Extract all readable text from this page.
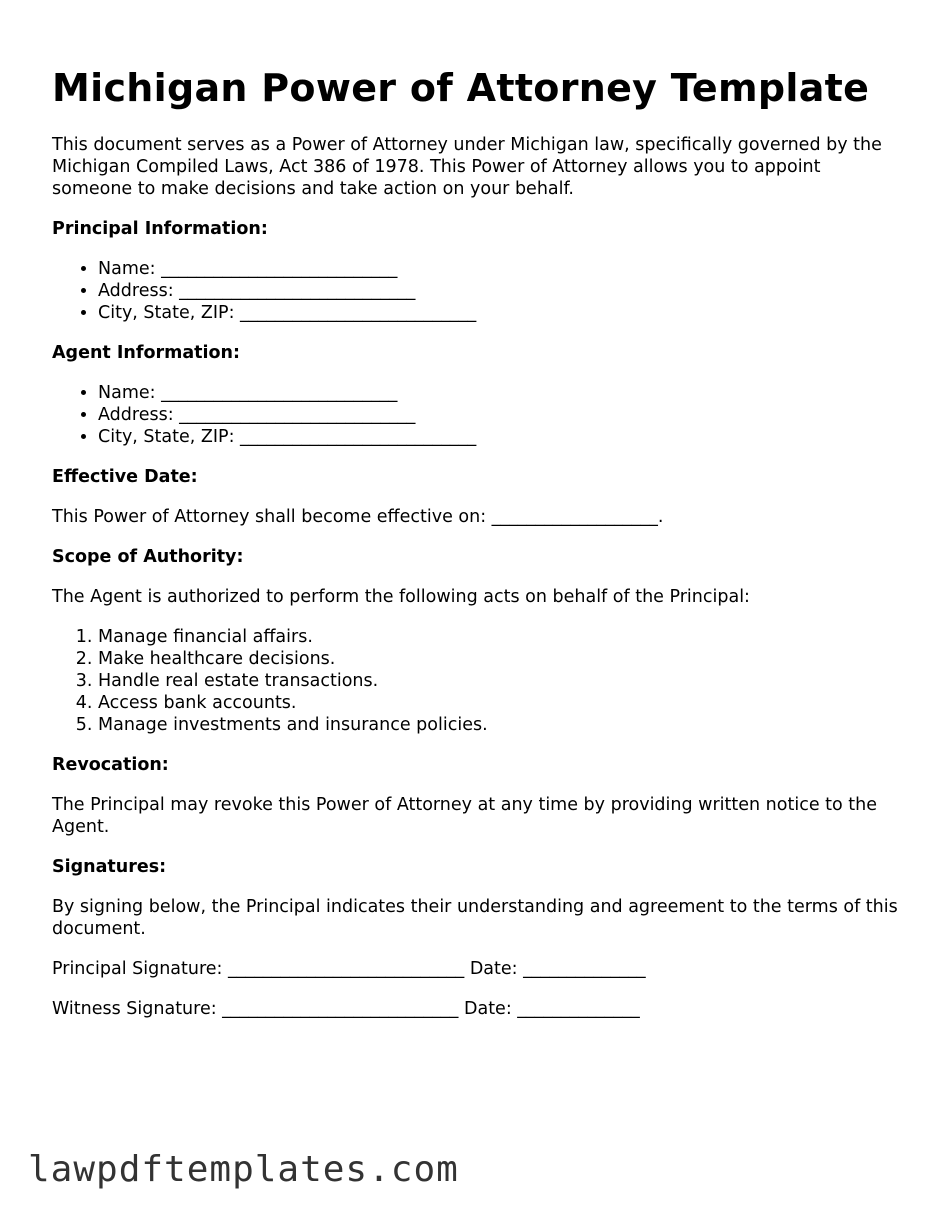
Michigan Power of Attorney Template

This document serves as a Power of Attorney under Michigan law, specifically governed by the Michigan Compiled Laws, Act 386 of 1978. This Power of Attorney allows you to appoint someone to make decisions and take action on your behalf.

Principal Information:
• Name: ___________________________
• Address: ___________________________
• City, State, ZIP: ___________________________
Agent Information:
• Name: ___________________________
• Address: ___________________________
• City, State, ZIP: ___________________________
Effective Date:

This Power of Attorney shall become effective on: ___________________.

Scope of Authority:

The Agent is authorized to perform the following acts on behalf of the Principal:

1. Manage financial affairs.
2. Make healthcare decisions.
3. Handle real estate transactions.
4. Access bank accounts.
5. Manage investments and insurance policies.
Revocation:

The Principal may revoke this Power of Attorney at any time by providing written notice to the Agent.

Signatures:

By signing below, the Principal indicates their understanding and agreement to the terms of this document.

Principal Signature: ___________________________ Date: ______________

Witness Signature: ___________________________ Date: ______________

lawpdftemplates.com
